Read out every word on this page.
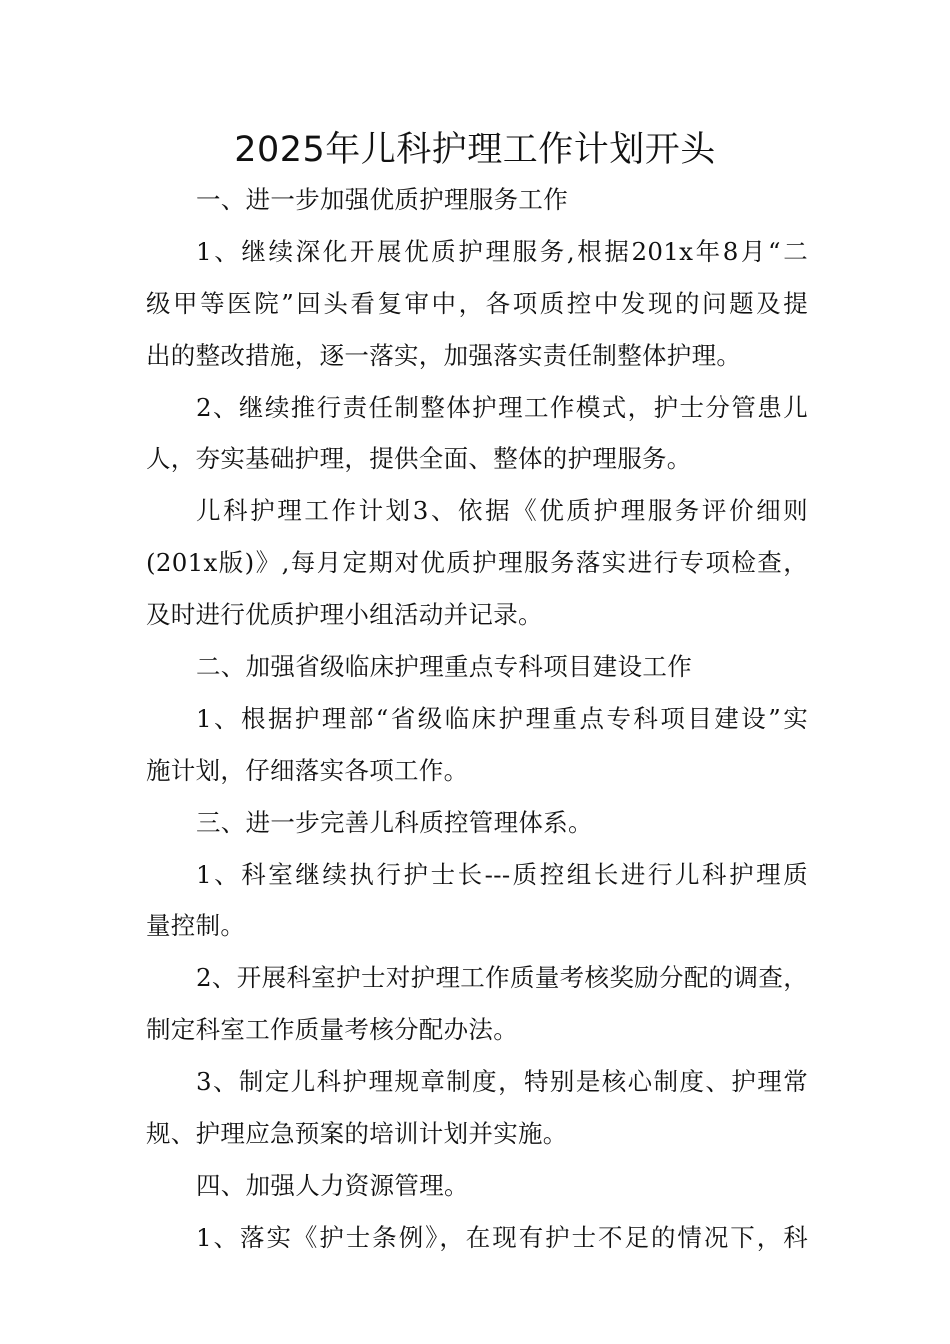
2025年儿科护理工作计划开头
一、进一步加强优质护理服务工作
1、继续深化开展优质护理服务,根据201x年8月“二
级甲等医院”回头看复审中，各项质控中发现的问题及提
出的整改措施，逐一落实，加强落实责任制整体护理。
2、继续推行责任制整体护理工作模式，护士分管患儿
人，夯实基础护理，提供全面、整体的护理服务。
儿科护理工作计划3、依据《优质护理服务评价细则
(201x版)》,每月定期对优质护理服务落实进行专项检查，
及时进行优质护理小组活动并记录。
二、加强省级临床护理重点专科项目建设工作
1、根据护理部“省级临床护理重点专科项目建设”实
施计划，仔细落实各项工作。
三、进一步完善儿科质控管理体系。
1、科室继续执行护士长---质控组长进行儿科护理质
量控制。
2、开展科室护士对护理工作质量考核奖励分配的调查，
制定科室工作质量考核分配办法。
3、制定儿科护理规章制度，特别是核心制度、护理常
规、护理应急预案的培训计划并实施。
四、加强人力资源管理。
1、落实《护士条例》，在现有护士不足的情况下，科
